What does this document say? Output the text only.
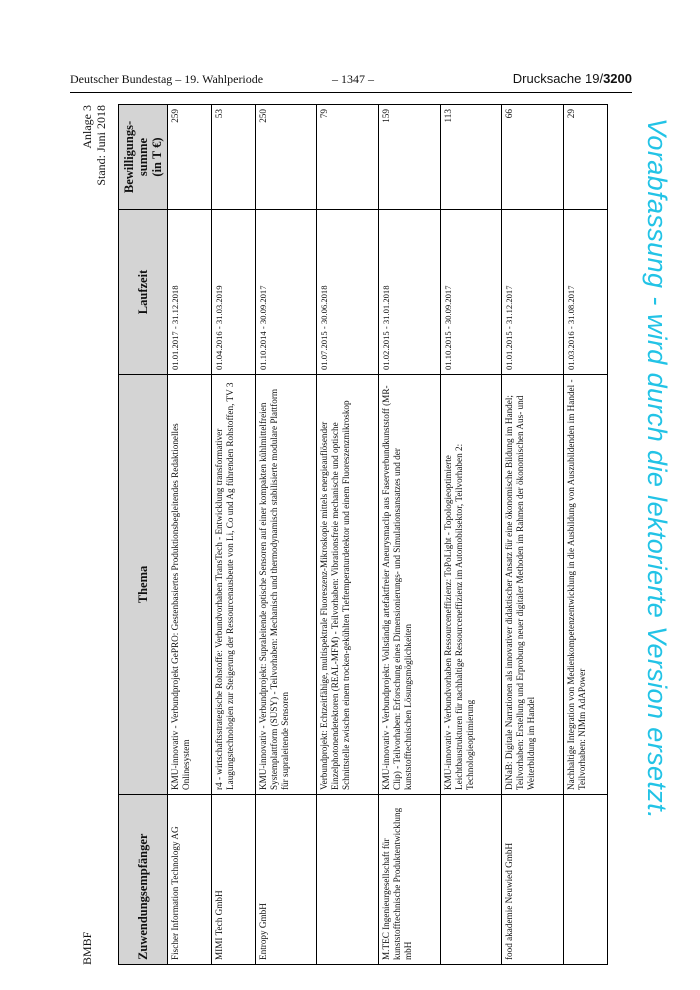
Deutscher Bundestag – 19. Wahlperiode	– 1347 –	Drucksache 19/3200
Vorabfassung - wird durch die lektorierte Version ersetzt.
BMBF
Anlage 3 Stand: Juni 2018
Zuwendungsempfänger	Thema	Laufzeit	Bewilligungs- summe (in T €)

Fischer Information Technology AG	KMU-innovativ - Verbundprojekt GePRO: Gestenbasiertes Produktionsbegleitendes Redaktionelles Onlinesystem	01.01.2017 - 31.12.2018	259
MIMI Tech GmbH	r4 - wirtschaftsstrategische Rohstoffe: Verbundvorhaben TransTech - Entwicklung transformativer Laugungstechnologien zur Steigerung der Ressourcenausbeute von Li, Co und Ag führenden Rohstoffen, TV 3	01.04.2016 - 31.03.2019	53
Entropy GmbH	KMU-innovativ - Verbundprojekt: Supraleitende optische Sensoren auf einer kompakten kühlmittelfreien Systemplattform (SUSY) - Teilvorhaben: Mechanisch und thermodynamisch stabilisierte modulare Plattform für supraleitende Sensoren	01.10.2014 - 30.09.2017	250
	Verbundprojekt: Echtzeitfähige, multispektrale Fluoreszenz-Mikroskopie mittels energieauflösender Einzelphotonendetektoren (REAL-MFM) - Teilvorhaben: Vibrationsfreie mechanische und optische Schnittstelle zwischen einem trocken-gekühlten Tieftemperaturdetektor und einem Fluoreszenzmikroskop	01.07.2015 - 30.06.2018	79
M.TEC Ingenieurgesellschaft für kunststofftechnische Produktentwicklung mbH	KMU-innovativ - Verbundprojekt: Vollständig artefaktfreier Aneurysmaclip aus Faserverbundkunststoff (MR-Clip) - Teilvorhaben: Erforschung eines Dimensionierungs- und Simulationsansatzes und der kunststofftechnischen Lösungsmöglichkeiten	01.02.2015 - 31.01.2018	159
	KMU-innovativ - Verbundvorhaben Ressourceneffizienz: ToPoLight - Topologieoptimierte Leichtbaustrukturen für nachhaltige Ressourceneffizienz im Automobilsektor, Teilvorhaben 2: Technologieoptimierung	01.10.2015 - 30.09.2017	113
food akademie Neuwied GmbH	DiNaB: Digitale Narrationen als innovativer didaktischer Ansatz für eine ökonomische Bildung im Handel; Teilvorhaben: Erstellung und Erprobung neuer digitaler Methoden im Rahmen der ökonomischen Aus- und Weiterbildung im Handel	01.01.2015 - 31.12.2017	66
	Nachhaltige Integration von Medienkompetenzentwicklung in die Ausbildung von Auszubildenden im Handel - Teilvorhaben: NIMm AdAPower	01.03.2016 - 31.08.2017	29
